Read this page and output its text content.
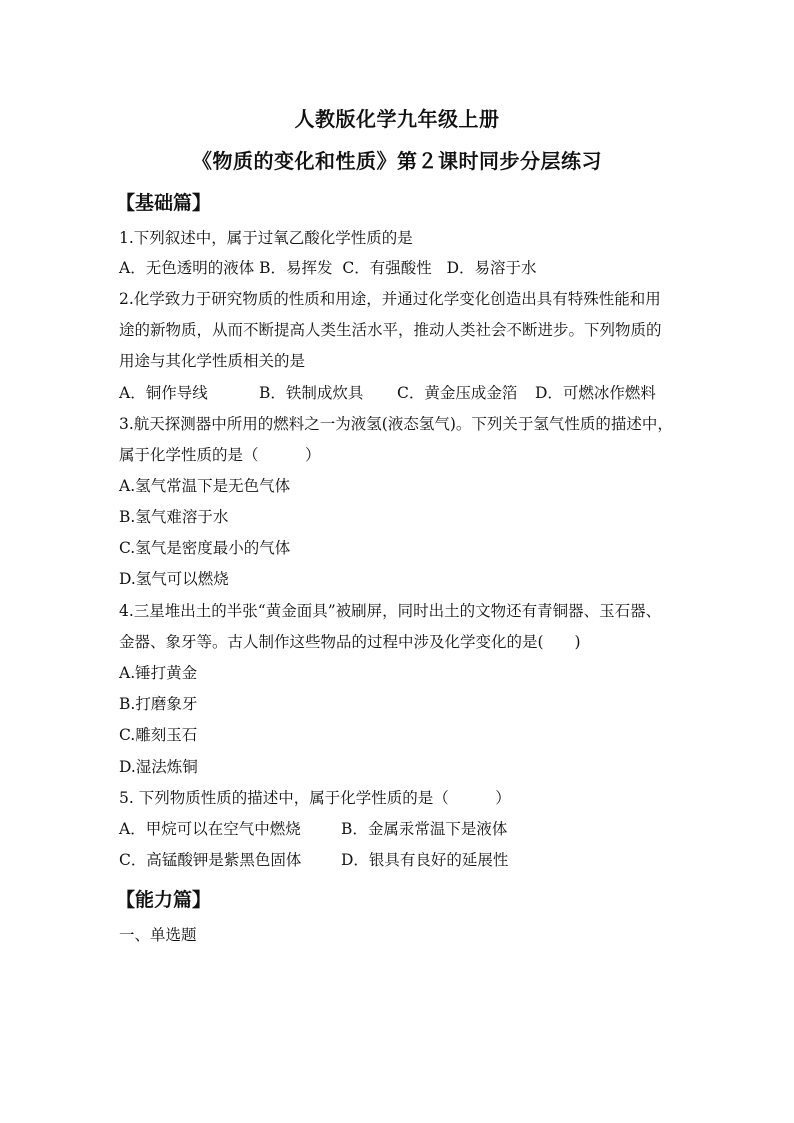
人教版化学九年级上册
《物质的变化和性质》第２课时同步分层练习
【基础篇】
1.下列叙述中，属于过氧乙酸化学性质的是
A．无色透明的液体 B．易挥发 C．有强酸性 D．易溶于水
2.化学致力于研究物质的性质和用途，并通过化学变化创造出具有特殊性能和用
途的新物质，从而不断提高人类生活水平，推动人类社会不断进步。下列物质的
用途与其化学性质相关的是
A．铜作导线	B．铁制成炊具 C．黄金压成金箔 D．可燃冰作燃料
3.航天探测器中所用的燃料之一为液氢(液态氢气)。下列关于氢气性质的描述中，
属于化学性质的是（　　　）
A.氢气常温下是无色气体
B.氢气难溶于水
C.氢气是密度最小的气体
D.氢气可以燃烧
4.三星堆出土的半张“黄金面具”被刷屏，同时出土的文物还有青铜器、玉石器、
金器、象牙等。古人制作这些物品的过程中涉及化学变化的是(　　)
A.锤打黄金
B.打磨象牙
C.雕刻玉石
D.湿法炼铜
5. 下列物质性质的描述中，属于化学性质的是（　　　）
A．甲烷可以在空气中燃烧	B．金属汞常温下是液体
C．高锰酸钾是紫黑色固体	D．银具有良好的延展性
【能力篇】
一、单选题
